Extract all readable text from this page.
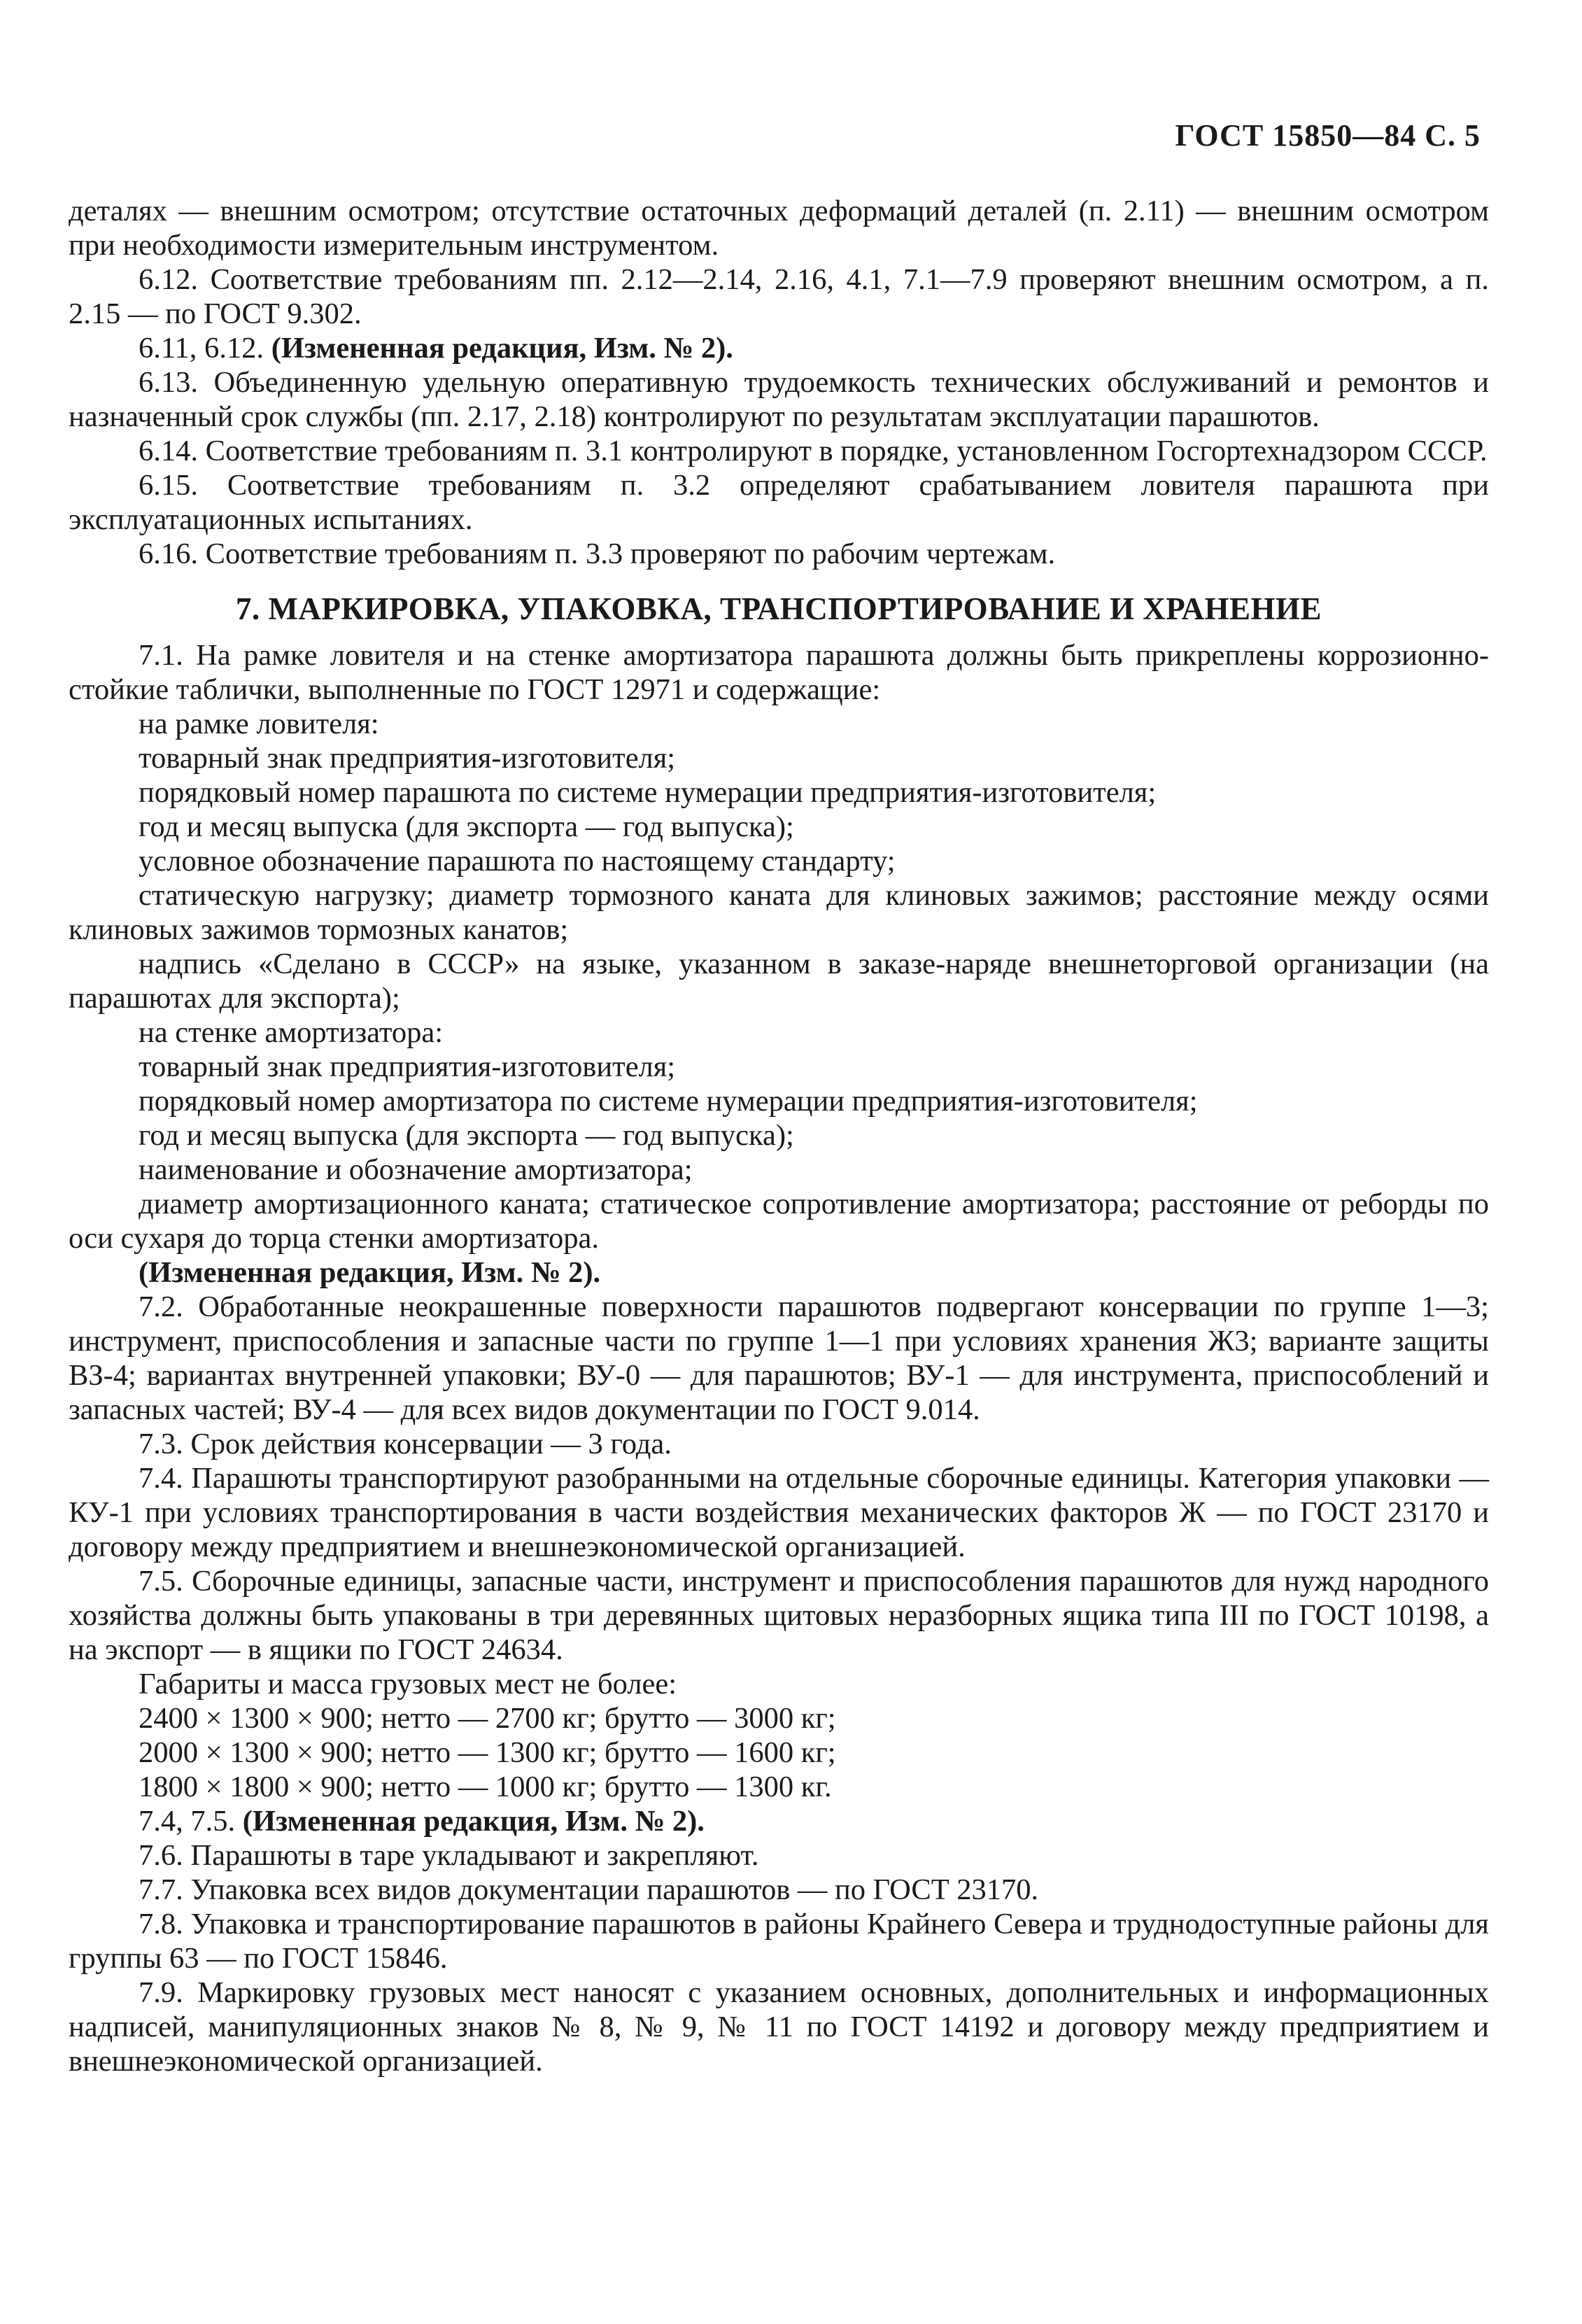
ГОСТ 15850—84 С. 5

деталях — внешним осмотром; отсутствие остаточных деформаций деталей (п. 2.11) — внешним осмотром при необходимости измерительным инструментом.

6.12. Соответствие требованиям пп. 2.12—2.14, 2.16, 4.1, 7.1—7.9 проверяют внешним осмотром, а п. 2.15 — по ГОСТ 9.302.

6.11, 6.12. (Измененная редакция, Изм. № 2).

6.13. Объединенную удельную оперативную трудоемкость технических обслуживаний и ремонтов и назначенный срок службы (пп. 2.17, 2.18) контролируют по результатам эксплуатации парашютов.

6.14. Соответствие требованиям п. 3.1 контролируют в порядке, установленном Госгортехнадзором СССР.

6.15. Соответствие требованиям п. 3.2 определяют срабатыванием ловителя парашюта при эксплуатационных испытаниях.

6.16. Соответствие требованиям п. 3.3 проверяют по рабочим чертежам.

7. МАРКИРОВКА, УПАКОВКА, ТРАНСПОРТИРОВАНИЕ И ХРАНЕНИЕ

7.1. На рамке ловителя и на стенке амортизатора парашюта должны быть прикреплены коррозионно-стойкие таблички, выполненные по ГОСТ 12971 и содержащие:

на рамке ловителя:

товарный знак предприятия-изготовителя;

порядковый номер парашюта по системе нумерации предприятия-изготовителя;

год и месяц выпуска (для экспорта — год выпуска);

условное обозначение парашюта по настоящему стандарту;

статическую нагрузку; диаметр тормозного каната для клиновых зажимов; расстояние между осями клиновых зажимов тормозных канатов;

надпись «Сделано в СССР» на языке, указанном в заказе-наряде внешнеторговой организации (на парашютах для экспорта);

на стенке амортизатора:

товарный знак предприятия-изготовителя;

порядковый номер амортизатора по системе нумерации предприятия-изготовителя;

год и месяц выпуска (для экспорта — год выпуска);

наименование и обозначение амортизатора;

диаметр амортизационного каната; статическое сопротивление амортизатора; расстояние от реборды по оси сухаря до торца стенки амортизатора.

(Измененная редакция, Изм. № 2).

7.2. Обработанные неокрашенные поверхности парашютов подвергают консервации по группе 1—3; инструмент, приспособления и запасные части по группе 1—1 при условиях хранения Ж3; варианте защиты ВЗ-4; вариантах внутренней упаковки; ВУ-0 — для парашютов; ВУ-1 — для инструмента, приспособлений и запасных частей; ВУ-4 — для всех видов документации по ГОСТ 9.014.

7.3. Срок действия консервации — 3 года.

7.4. Парашюты транспортируют разобранными на отдельные сборочные единицы. Категория упаковки — КУ-1 при условиях транспортирования в части воздействия механических факторов Ж — по ГОСТ 23170 и договору между предприятием и внешнеэкономической организацией.

7.5. Сборочные единицы, запасные части, инструмент и приспособления парашютов для нужд народного хозяйства должны быть упакованы в три деревянных щитовых неразборных ящика типа III по ГОСТ 10198, а на экспорт — в ящики по ГОСТ 24634.

Габариты и масса грузовых мест не более:

2400 × 1300 × 900; нетто — 2700 кг; брутто — 3000 кг;

2000 × 1300 × 900; нетто — 1300 кг; брутто — 1600 кг;

1800 × 1800 × 900; нетто — 1000 кг; брутто — 1300 кг.

7.4, 7.5. (Измененная редакция, Изм. № 2).

7.6. Парашюты в таре укладывают и закрепляют.

7.7. Упаковка всех видов документации парашютов — по ГОСТ 23170.

7.8. Упаковка и транспортирование парашютов в районы Крайнего Севера и труднодоступные районы для группы 63 — по ГОСТ 15846.

7.9. Маркировку грузовых мест наносят с указанием основных, дополнительных и информационных надписей, манипуляционных знаков № 8, № 9, № 11 по ГОСТ 14192 и договору между предприятием и внешнеэкономической организацией.
